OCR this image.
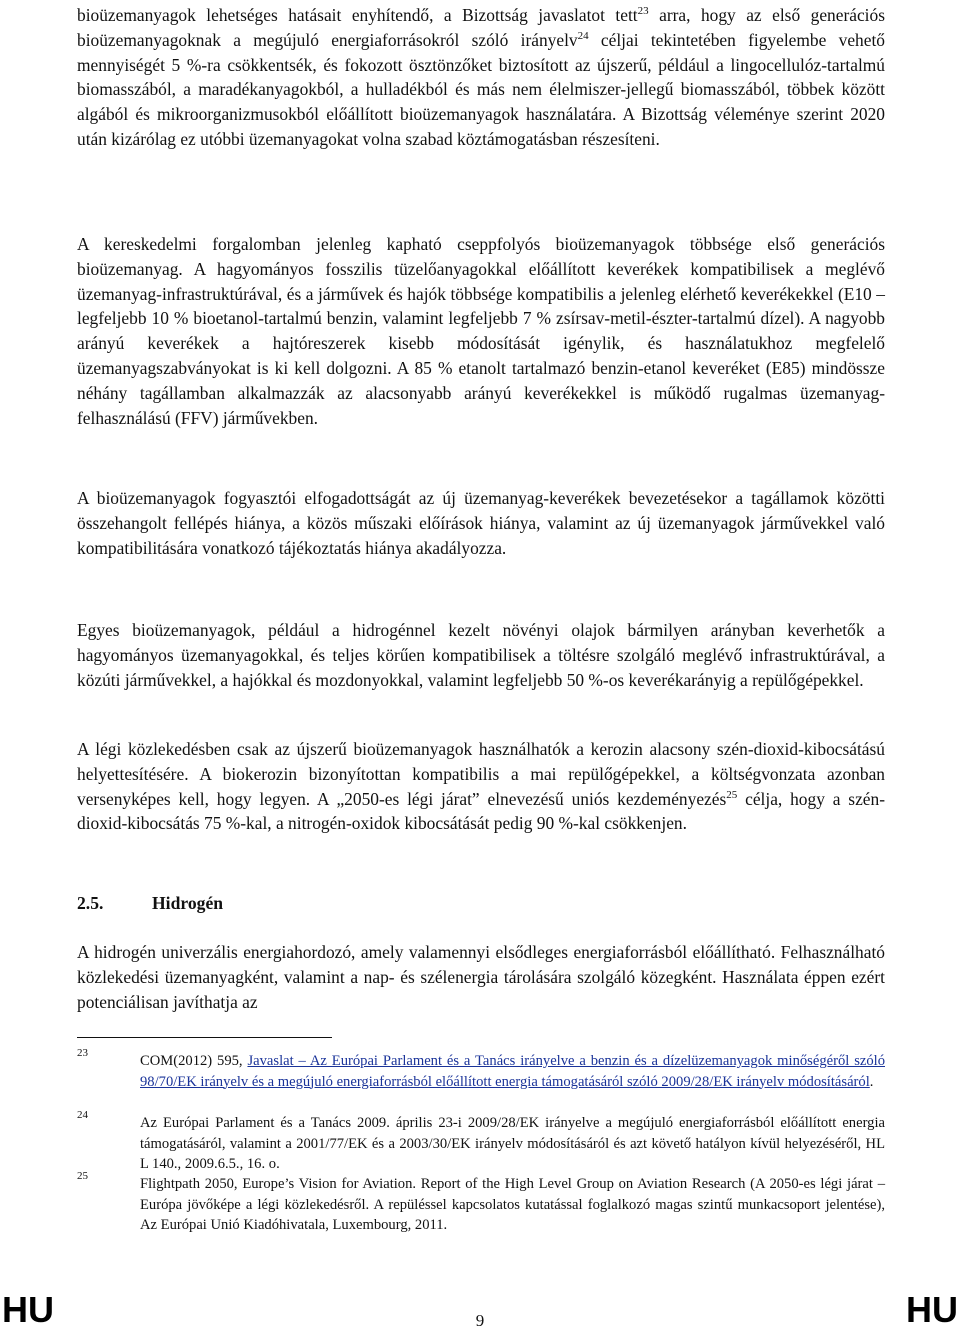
bioüzemanyagok lehetséges hatásait enyhítendő, a Bizottság javaslatot tett$^{23}$ arra, hogy az első generációs bioüzemanyagoknak a megújuló energiaforrásokról szóló irányelv$^{24}$ céljai tekintetében figyelembe vehető mennyiségét 5 %-ra csökkentsék, és fokozott ösztönzőket biztosított az újszerű, például a lingocellulóz-tartalmú biomasszából, a maradékanyagokból, a hulladékból és más nem élelmiszer-jellegű biomasszából, többek között algából és mikroorganizmusokból előállított bioüzemanyagok használatára. A Bizottság véleménye szerint 2020 után kizárólag ez utóbbi üzemanyagokat volna szabad köztámogatásban részesíteni.

A kereskedelmi forgalomban jelenleg kapható cseppfolyós bioüzemanyagok többsége első generációs bioüzemanyag. A hagyományos fosszilis tüzelőanyagokkal előállított keverékek kompatibilisek a meglévő üzemanyag-infrastruktúrával, és a járművek és hajók többsége kompatibilis a jelenleg elérhető keverékekkel (E10 – legfeljebb 10 % bioetanol-tartalmú benzin, valamint legfeljebb 7 % zsírsav-metil-észter-tartalmú dízel). A nagyobb arányú keverékek a hajtóreszerek kisebb módosítását igénylik, és használatukhoz megfelelő üzemanyagszabványokat is ki kell dolgozni. A 85 % etanolt tartalmazó benzin-etanol keveréket (E85) mindössze néhány tagállamban alkalmazzák az alacsonyabb arányú keverékekkel is működő rugalmas üzemanyag-felhasználású (FFV) járművekben.

A bioüzemanyagok fogyasztói elfogadottságát az új üzemanyag-keverékek bevezetésekor a tagállamok közötti összehangolt fellépés hiánya, a közös műszaki előírások hiánya, valamint az új üzemanyagok járművekkel való kompatibilitására vonatkozó tájékoztatás hiánya akadályozza.

Egyes bioüzemanyagok, például a hidrogénnel kezelt növényi olajok bármilyen arányban keverhetők a hagyományos üzemanyagokkal, és teljes körűen kompatibilisek a töltésre szolgáló meglévő infrastruktúrával, a közúti járművekkel, a hajókkal és mozdonyokkal, valamint legfeljebb 50 %-os keverékarányig a repülőgépekkel.

A légi közlekedésben csak az újszerű bioüzemanyagok használhatók a kerozin alacsony szén-dioxid-kibocsátású helyettesítésére. A biokerozin bizonyítottan kompatibilis a mai repülőgépekkel, a költségvonzata azonban versenyképes kell, hogy legyen. A „2050-es légi járat” elnevezésű uniós kezdeményezés$^{25}$ célja, hogy a szén-dioxid-kibocsátás 75 %-kal, a nitrogén-oxidok kibocsátását pedig 90 %-kal csökkenjen.

2.5.	Hidrogén

A hidrogén univerzális energiahordozó, amely valamennyi elsődleges energiaforrásból előállítható. Felhasználható közlekedési üzemanyagként, valamint a nap- és szélenergia tárolására szolgáló közegként. Használata éppen ezért potenciálisan javíthatja az

23	COM(2012) 595, Javaslat – Az Európai Parlament és a Tanács irányelve a benzin és a dízelüzemanyagok minőségéről szóló 98/70/EK irányelv és a megújuló energiaforrásból előállított energia támogatásáról szóló 2009/28/EK irányelv módosításáról.
24	Az Európai Parlament és a Tanács 2009. április 23-i 2009/28/EK irányelve a megújuló energiaforrásból előállított energia támogatásáról, valamint a 2001/77/EK és a 2003/30/EK irányelv módosításáról és azt követő hatályon kívül helyezéséről, HL L 140., 2009.6.5., 16. o.
25	Flightpath 2050, Europe’s Vision for Aviation. Report of the High Level Group on Aviation Research (A 2050-es légi járat – Európa jövőképe a légi közlekedésről. A repüléssel kapcsolatos kutatással foglalkozó magas szintű munkacsoport jelentése), Az Európai Unió Kiadóhivatala, Luxembourg, 2011.
HU	9	HU
